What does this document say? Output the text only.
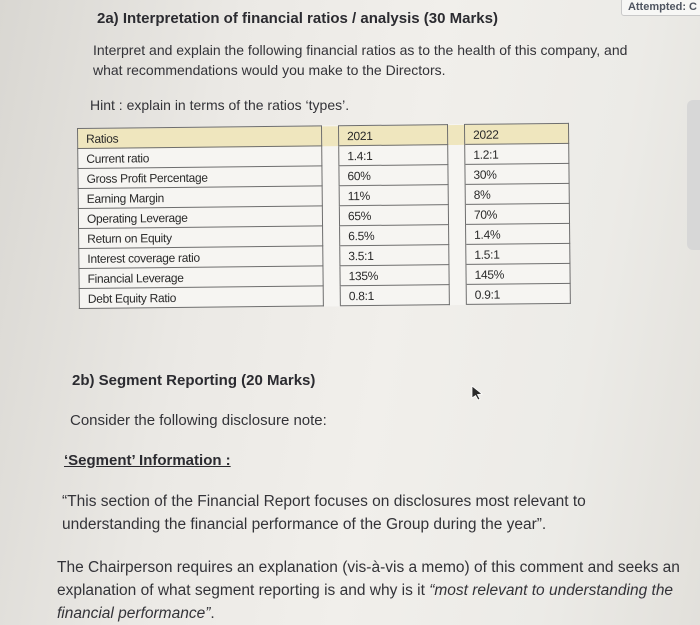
Attempted: C
2a) Interpretation of financial ratios / analysis (30 Marks)
Interpret and explain the following financial ratios as to the health of this company, and what recommendations would you make to the Directors.
Hint : explain in terms of the ratios ‘types’.
Ratios		2021		2022
Current ratio		1.4:1		1.2:1
Gross Profit Percentage		60%		30%
Earning Margin		11%		8%
Operating Leverage		65%		70%
Return on Equity		6.5%		1.4%
Interest coverage ratio		3.5:1		1.5:1
Financial Leverage		135%		145%
Debt Equity Ratio		0.8:1		0.9:1
2b) Segment Reporting (20 Marks)
Consider the following disclosure note:
‘Segment’ Information :
“This section of the Financial Report focuses on disclosures most relevant to understanding the financial performance of the Group during the year”.
The Chairperson requires an explanation (vis-à-vis a memo) of this comment and seeks an explanation of what segment reporting is and why is it “most relevant to understanding the financial performance”.
